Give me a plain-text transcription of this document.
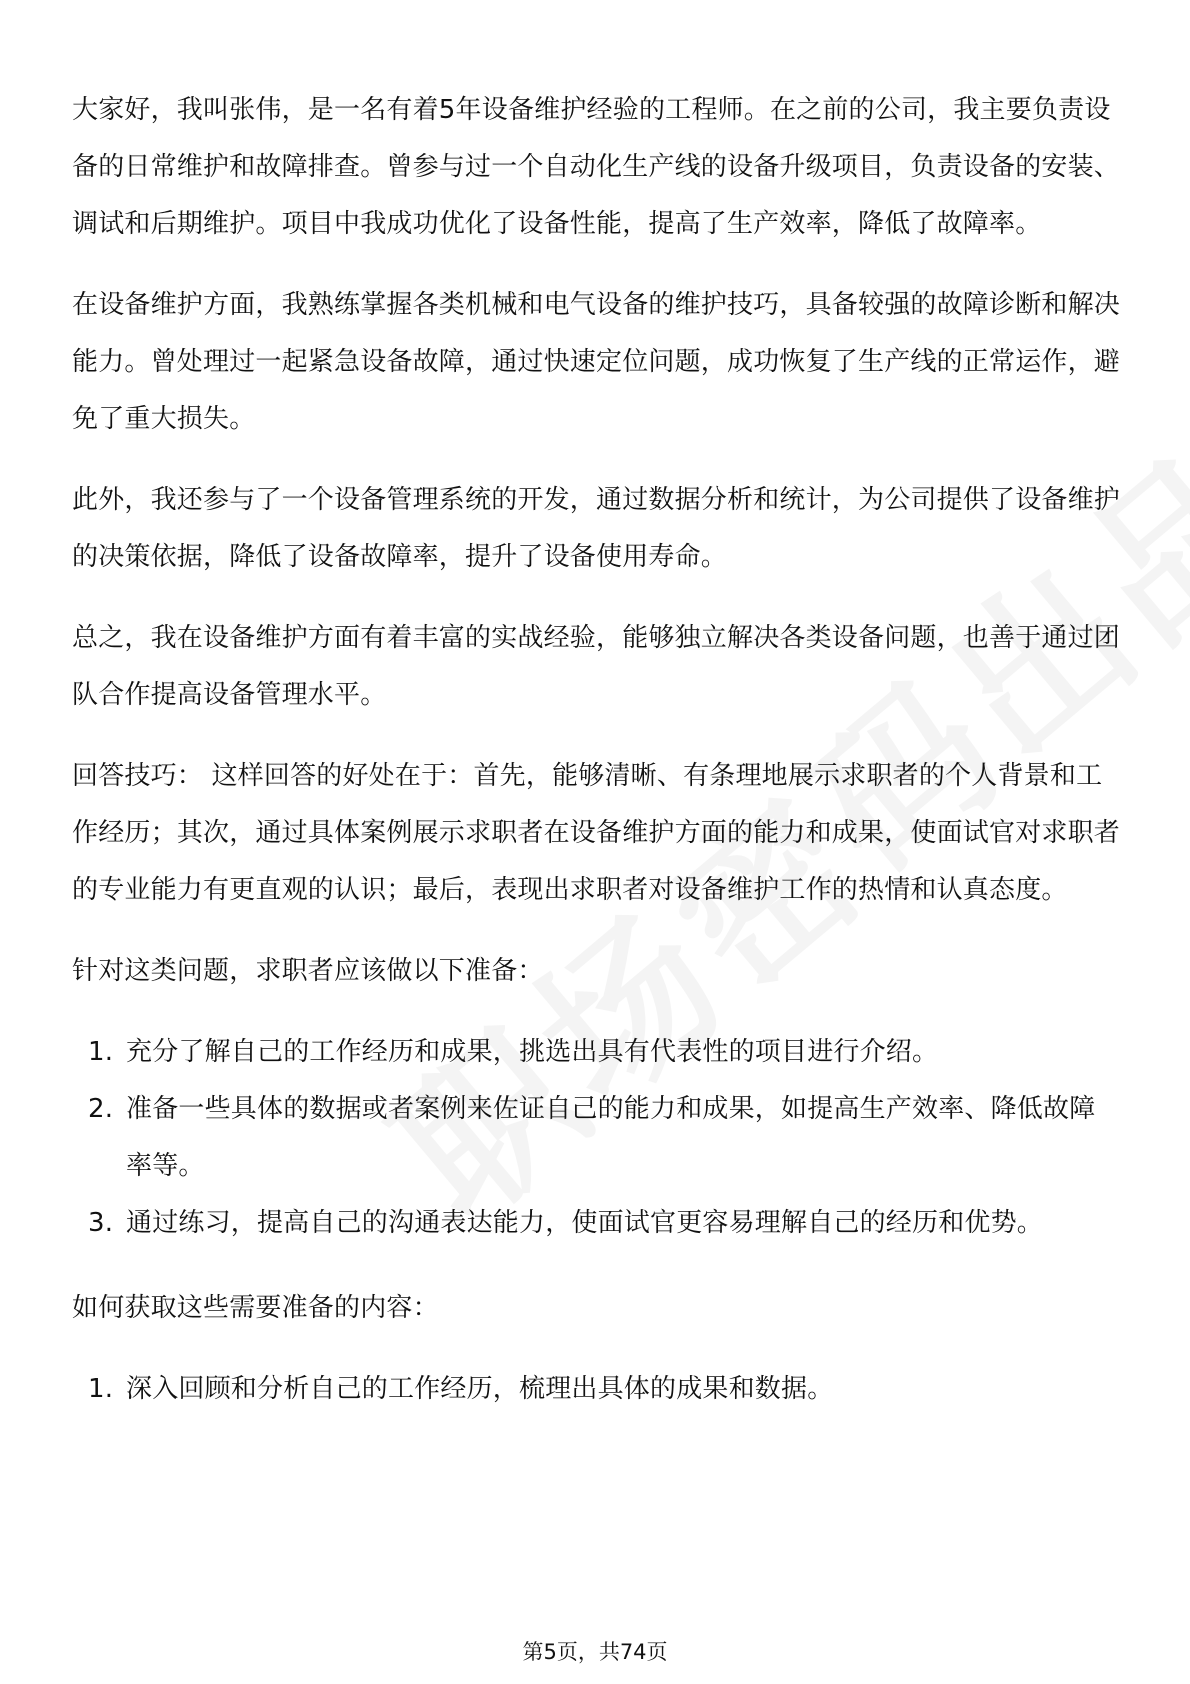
大家好，我叫张伟，是一名有着5年设备维护经验的工程师。在之前的公司，我主要负责设备的日常维护和故障排查。曾参与过一个自动化生产线的设备升级项目，负责设备的安装、调试和后期维护。项目中我成功优化了设备性能，提高了生产效率，降低了故障率。

在设备维护方面，我熟练掌握各类机械和电气设备的维护技巧，具备较强的故障诊断和解决能力。曾处理过一起紧急设备故障，通过快速定位问题，成功恢复了生产线的正常运作，避免了重大损失。

此外，我还参与了一个设备管理系统的开发，通过数据分析和统计，为公司提供了设备维护的决策依据，降低了设备故障率，提升了设备使用寿命。

总之，我在设备维护方面有着丰富的实战经验，能够独立解决各类设备问题，也善于通过团队合作提高设备管理水平。

回答技巧： 这样回答的好处在于：首先，能够清晰、有条理地展示求职者的个人背景和工作经历；其次，通过具体案例展示求职者在设备维护方面的能力和成果，使面试官对求职者的专业能力有更直观的认识；最后，表现出求职者对设备维护工作的热情和认真态度。

针对这类问题，求职者应该做以下准备：

1. 充分了解自己的工作经历和成果，挑选出具有代表性的项目进行介绍。
2. 准备一些具体的数据或者案例来佐证自己的能力和成果，如提高生产效率、降低故障率等。
3. 通过练习，提高自己的沟通表达能力，使面试官更容易理解自己的经历和优势。

如何获取这些需要准备的内容：

1. 深入回顾和分析自己的工作经历，梳理出具体的成果和数据。
第5页，共74页
